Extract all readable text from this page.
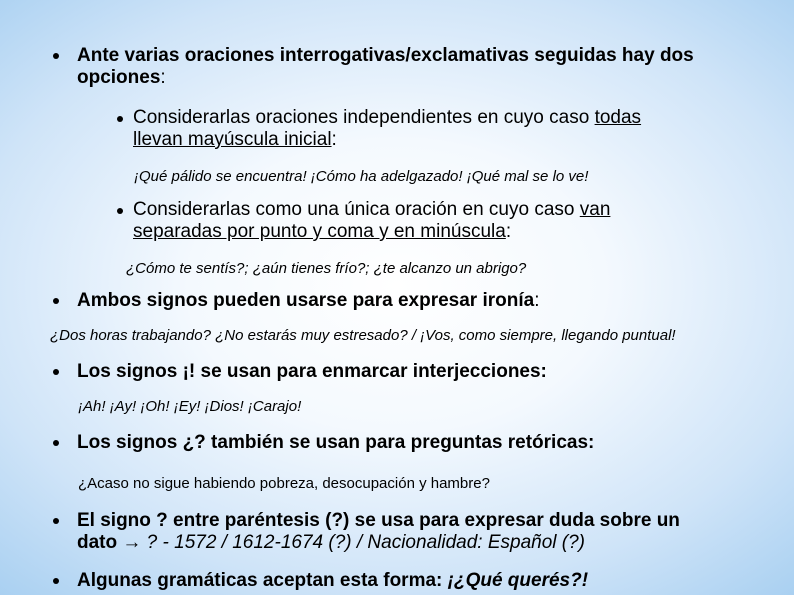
Ante varias oraciones interrogativas/exclamativas seguidas hay dos
opciones:
Considerarlas oraciones independientes en cuyo caso todas
llevan mayúscula inicial:
¡Qué pálido se encuentra! ¡Cómo ha adelgazado! ¡Qué mal se lo ve!
Considerarlas como una única oración en cuyo caso van
separadas por punto y coma y en minúscula:
¿Cómo te sentís?; ¿aún tienes frío?; ¿te alcanzo un abrigo?
Ambos signos pueden usarse para expresar ironía:
¿Dos horas trabajando? ¿No estarás muy estresado? / ¡Vos, como siempre, llegando puntual!
Los signos ¡! se usan para enmarcar interjecciones:
¡Ah! ¡Ay! ¡Oh! ¡Ey! ¡Dios! ¡Carajo!
Los signos ¿? también se usan para preguntas retóricas:
¿Acaso no sigue habiendo pobreza, desocupación y hambre?
El signo ? entre paréntesis (?) se usa para expresar duda sobre un
dato → ? - 1572 / 1612-1674 (?) / Nacionalidad: Español (?)
Algunas gramáticas aceptan esta forma: ¡¿Qué querés?!
